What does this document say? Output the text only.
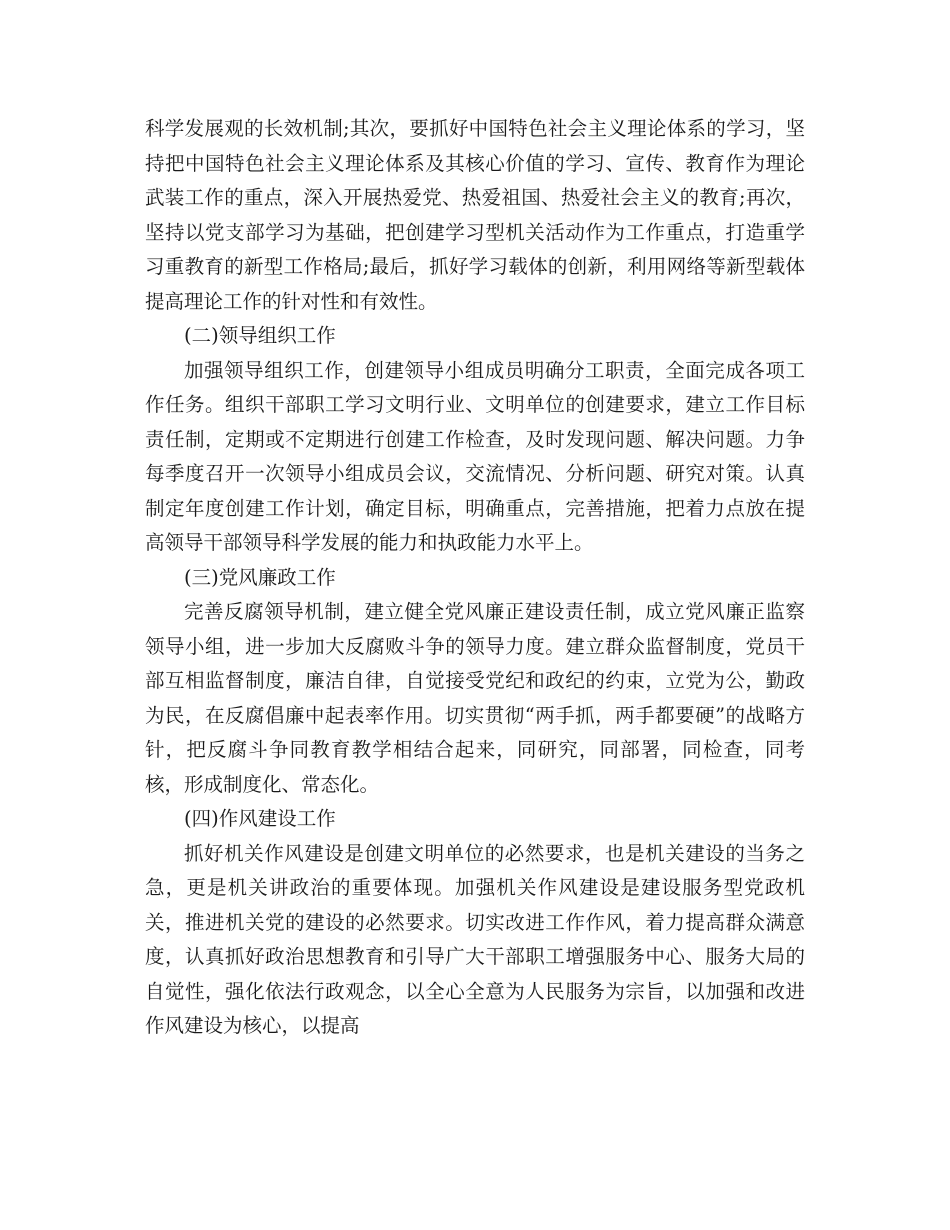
科学发展观的长效机制;其次，要抓好中国特色社会主义理论体系的学习，坚持把中国特色社会主义理论体系及其核心价值的学习、宣传、教育作为理论武装工作的重点，深入开展热爱党、热爱祖国、热爱社会主义的教育;再次，坚持以党支部学习为基础，把创建学习型机关活动作为工作重点，打造重学习重教育的新型工作格局;最后，抓好学习载体的创新，利用网络等新型载体提高理论工作的针对性和有效性。

(二)领导组织工作

加强领导组织工作，创建领导小组成员明确分工职责，全面完成各项工作任务。组织干部职工学习文明行业、文明单位的创建要求，建立工作目标责任制，定期或不定期进行创建工作检查，及时发现问题、解决问题。力争每季度召开一次领导小组成员会议，交流情况、分析问题、研究对策。认真制定年度创建工作计划，确定目标，明确重点，完善措施，把着力点放在提高领导干部领导科学发展的能力和执政能力水平上。

(三)党风廉政工作

完善反腐领导机制，建立健全党风廉正建设责任制，成立党风廉正监察领导小组，进一步加大反腐败斗争的领导力度。建立群众监督制度，党员干部互相监督制度，廉洁自律，自觉接受党纪和政纪的约束，立党为公，勤政为民，在反腐倡廉中起表率作用。切实贯彻“两手抓，两手都要硬”的战略方针，把反腐斗争同教育教学相结合起来，同研究，同部署，同检查，同考核，形成制度化、常态化。

(四)作风建设工作

抓好机关作风建设是创建文明单位的必然要求，也是机关建设的当务之急，更是机关讲政治的重要体现。加强机关作风建设是建设服务型党政机关，推进机关党的建设的必然要求。切实改进工作作风，着力提高群众满意度，认真抓好政治思想教育和引导广大干部职工增强服务中心、服务大局的自觉性，强化依法行政观念，以全心全意为人民服务为宗旨，以加强和改进作风建设为核心，以提高
